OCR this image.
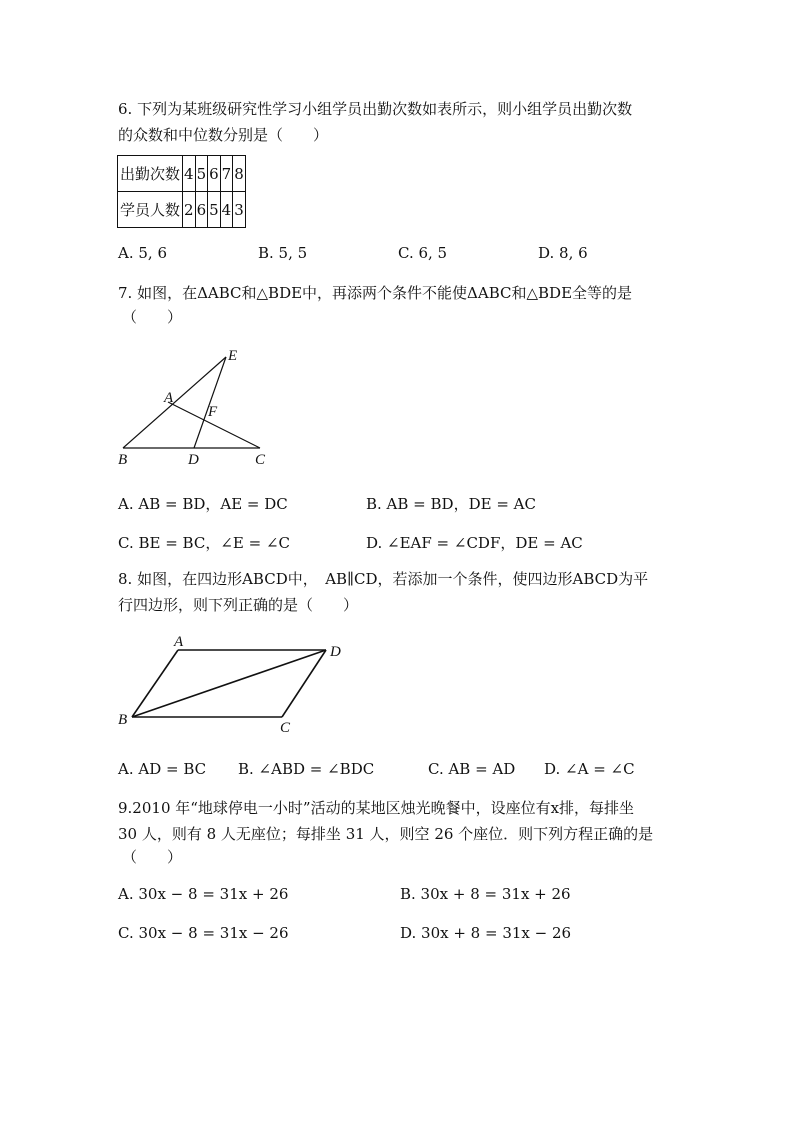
6. 下列为某班级研究性学习小组学员出勤次数如表所示，则小组学员出勤次数
的众数和中位数分别是（　　）
出勤次数	4	5	6	7	8
学员人数	2	6	5	4	3
A. 5, 6	B. 5, 5	C. 6, 5	D. 8, 6
7. 如图，在ΔABC和△BDE中，再添两个条件不能使ΔABC和△BDE全等的是
（　　）
E
A
F
B	D	C
A. AB = BD，AE = DC	B. AB = BD，DE = AC
C. BE = BC，∠E = ∠C	D. ∠EAF = ∠CDF，DE = AC
8. 如图，在四边形ABCD中，　AB∥CD，若添加一个条件，使四边形ABCD为平
行四边形，则下列正确的是（　　）
A
D
B	C
A. AD = BC B. ∠ABD = ∠BDC	C. AB = AD D. ∠A = ∠C
9.2010 年“地球停电一小时”活动的某地区烛光晚餐中，设座位有x排，每排坐
30 人，则有 8 人无座位；每排坐 31 人，则空 26 个座位．则下列方程正确的是
（　　）
A. 30x − 8 = 31x + 26	B. 30x + 8 = 31x + 26
C. 30x − 8 = 31x − 26	D. 30x + 8 = 31x − 26
